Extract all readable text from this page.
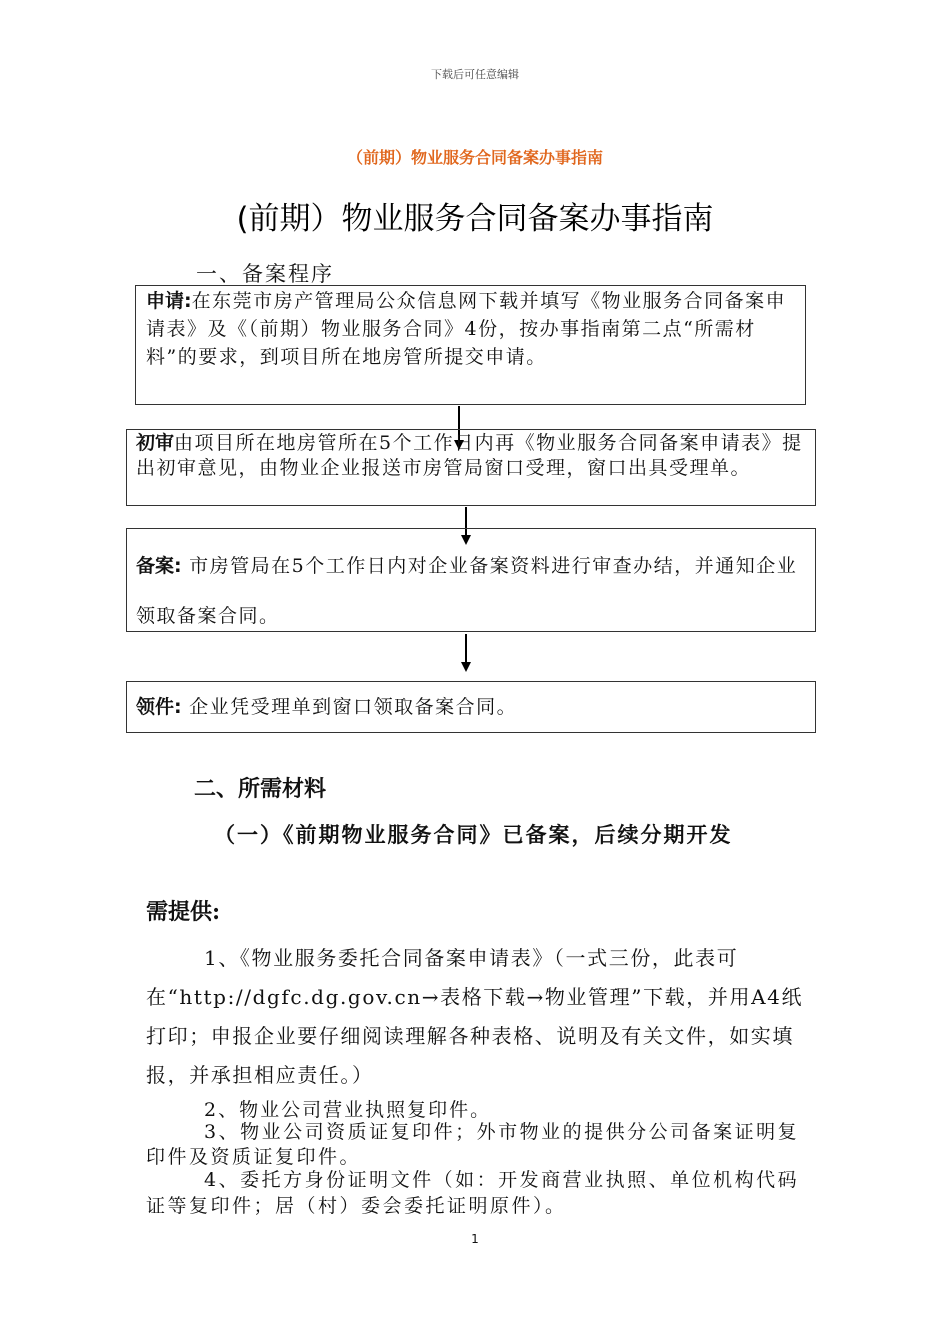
下载后可任意编辑
（前期）物业服务合同备案办事指南
(前期）物业服务合同备案办事指南
一、备案程序
申请:在东莞市房产管理局公众信息网下载并填写《物业服务合同备案申请表》及《（前期）物业服务合同》4份，按办事指南第二点“所需材料”的要求，到项目所在地房管所提交申请。
初审由项目所在地房管所在5个工作日内再《物业服务合同备案申请表》提出初审意见，由物业企业报送市房管局窗口受理，窗口出具受理单。
备案: 市房管局在5个工作日内对企业备案资料进行审查办结，并通知企业领取备案合同。
领件: 企业凭受理单到窗口领取备案合同。
二、所需材料
（一）《前期物业服务合同》已备案，后续分期开发
需提供:
1、《物业服务委托合同备案申请表》（一式三份，此表可在“http://dgfc.dg.gov.cn→表格下载→物业管理”下载，并用A4纸打印；申报企业要仔细阅读理解各种表格、说明及有关文件，如实填报，并承担相应责任。）
2、物业公司营业执照复印件。
3、物业公司资质证复印件；外市物业的提供分公司备案证明复印件及资质证复印件。
4、委托方身份证明文件（如：开发商营业执照、单位机构代码证等复印件；居（村）委会委托证明原件）。
1
